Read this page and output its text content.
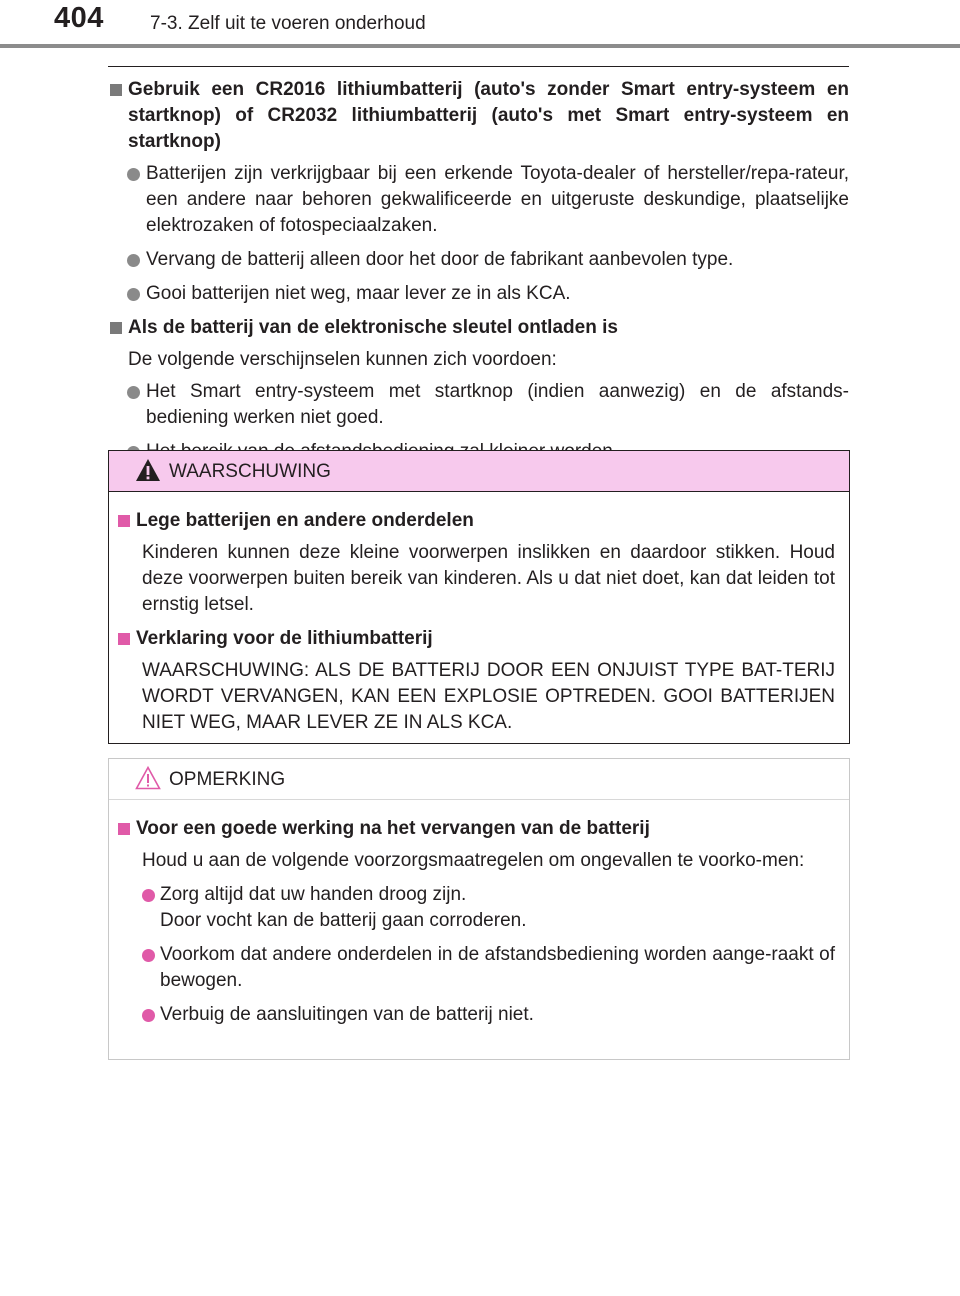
404 7-3. Zelf uit te voeren onderhoud
Gebruik een CR2016 lithiumbatterij (auto's zonder Smart entry-systeem en startknop) of CR2032 lithiumbatterij (auto's met Smart entry-systeem en startknop)
Batterijen zijn verkrijgbaar bij een erkende Toyota-dealer of hersteller/repa-rateur, een andere naar behoren gekwalificeerde en uitgeruste deskundige, plaatselijke elektrozaken of fotospeciaalzaken.
Vervang de batterij alleen door het door de fabrikant aanbevolen type.
Gooi batterijen niet weg, maar lever ze in als KCA.
Als de batterij van de elektronische sleutel ontladen is
De volgende verschijnselen kunnen zich voordoen:
Het Smart entry-systeem met startknop (indien aanwezig) en de afstands-bediening werken niet goed.
WAARSCHUWING
Lege batterijen en andere onderdelen
Kinderen kunnen deze kleine voorwerpen inslikken en daardoor stikken. Houd deze voorwerpen buiten bereik van kinderen. Als u dat niet doet, kan dat leiden tot ernstig letsel.
Verklaring voor de lithiumbatterij
WAARSCHUWING: ALS DE BATTERIJ DOOR EEN ONJUIST TYPE BAT-TERIJ WORDT VERVANGEN, KAN EEN EXPLOSIE OPTREDEN. GOOI BATTERIJEN NIET WEG, MAAR LEVER ZE IN ALS KCA.
OPMERKING
Voor een goede werking na het vervangen van de batterij
Houd u aan de volgende voorzorgsmaatregelen om ongevallen te voorko-men:
Zorg altijd dat uw handen droog zijn.
Door vocht kan de batterij gaan corroderen.
Voorkom dat andere onderdelen in de afstandsbediening worden aange-raakt of bewogen.
Verbuig de aansluitingen van de batterij niet.
